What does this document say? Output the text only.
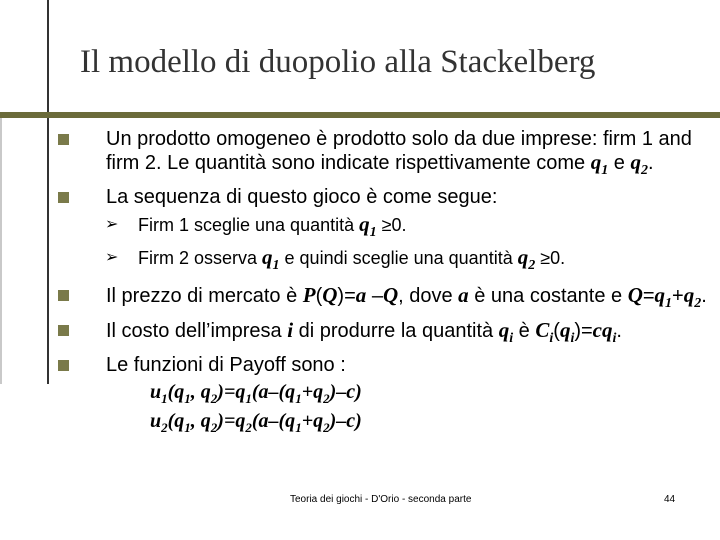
Il modello di duopolio alla Stackelberg
Un prodotto omogeneo è prodotto solo da due imprese: firm 1 and firm 2. Le quantità sono indicate rispettivamente come $q_1$ e $q_2$.
La sequenza di questo gioco è come segue:
➢ Firm 1 sceglie una quantità $q_1 \ge 0$.
➢ Firm 2 osserva $q_1$ e quindi sceglie una quantità $q_2 \ge 0$.
Il prezzo di mercato è P(Q)=a –Q, dove a è una costante e $Q=q_1+q_2$.
Il costo dell’impresa i di produrre la quantità $q_i$ è $C_i(q_i)=cq_i$.
Le funzioni di Payoff sono :
$u_1(q_1$, $q_2)=q_1(a-(q_1+q_2)-c)$
$u_2(q_1$, $q_2)=q_2(a-(q_1+q_2)-c)$
Teoria dei giochi - D'Orio - seconda parte	44
